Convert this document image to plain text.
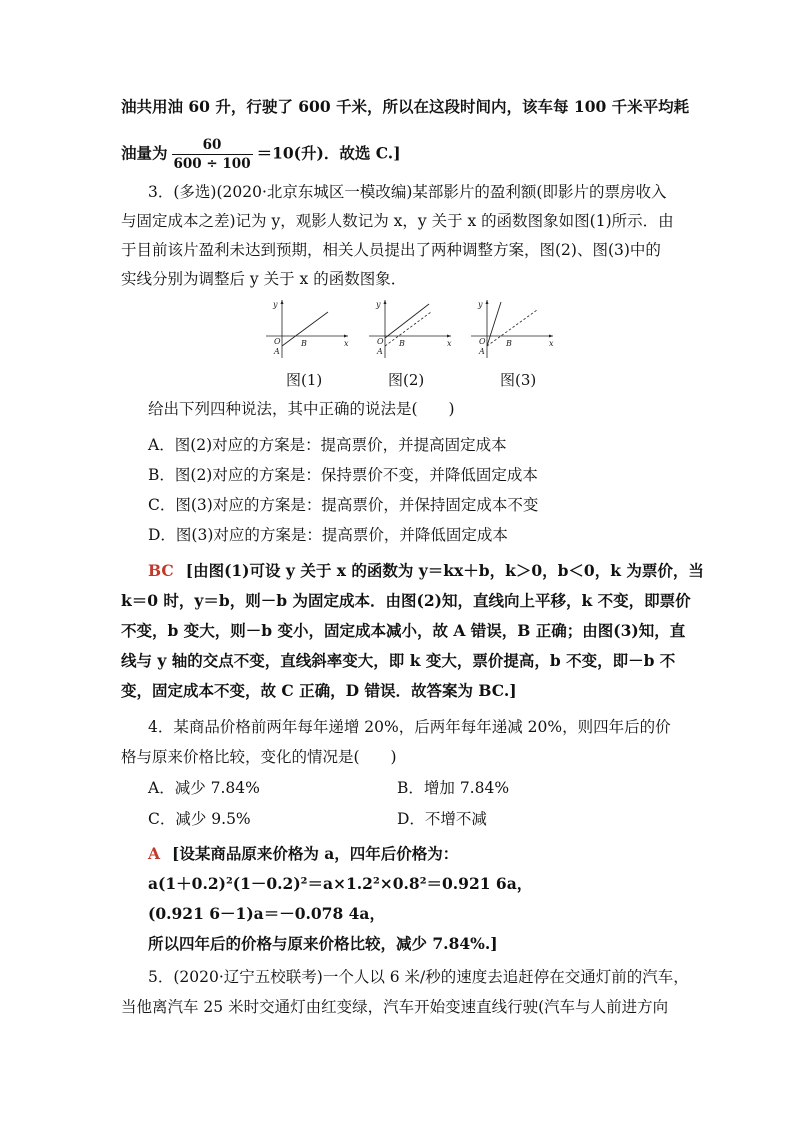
油共用油 60 升，行驶了 600 千米，所以在这段时间内，该车每 100 千米平均耗
油量为 $\frac{60}{600 \div 100} =10$(升)．故选 C.]
3．(多选)(2020·北京东城区一模改编)某部影片的盈利额(即影片的票房收入
与固定成本之差)记为 y，观影人数记为 x，y 关于 x 的函数图象如图(1)所示．由
于目前该片盈利未达到预期，相关人员提出了两种调整方案，图(2)、图(3)中的
实线分别为调整后 y 关于 x 的函数图象．
y
x
O
A
B
y
x
O
A
B
y
x
O
A
B
图(1)	图(2)	图(3)
给出下列四种说法，其中正确的说法是(　　)
A．图(2)对应的方案是：提高票价，并提高固定成本
B．图(2)对应的方案是：保持票价不变，并降低固定成本
C．图(3)对应的方案是：提高票价，并保持固定成本不变
D．图(3)对应的方案是：提高票价，并降低固定成本
BC [由图(1)可设 y 关于 x 的函数为 y＝kx＋b，k＞0，b＜0，k 为票价，当
k＝0 时，y＝b，则－b 为固定成本．由图(2)知，直线向上平移，k 不变，即票价
不变，b 变大，则－b 变小，固定成本减小，故 A 错误，B 正确；由图(3)知，直
线与 y 轴的交点不变，直线斜率变大，即 k 变大，票价提高，b 不变，即－b 不
变，固定成本不变，故 C 正确，D 错误．故答案为 BC.]
4．某商品价格前两年每年递增 20%，后两年每年递减 20%，则四年后的价
格与原来价格比较，变化的情况是(　　)
A．减少 7.84%	B．增加 7.84%
C．减少 9.5%	D．不增不减
A [设某商品原来价格为 a，四年后价格为：
a(1＋0.2)²(1－0.2)²＝a×1.2²×0.8²＝0.921 6a，
(0.921 6－1)a＝－0.078 4a，
所以四年后的价格与原来价格比较，减少 7.84%.]
5．(2020·辽宁五校联考)一个人以 6 米/秒的速度去追赶停在交通灯前的汽车，
当他离汽车 25 米时交通灯由红变绿，汽车开始变速直线行驶(汽车与人前进方向
